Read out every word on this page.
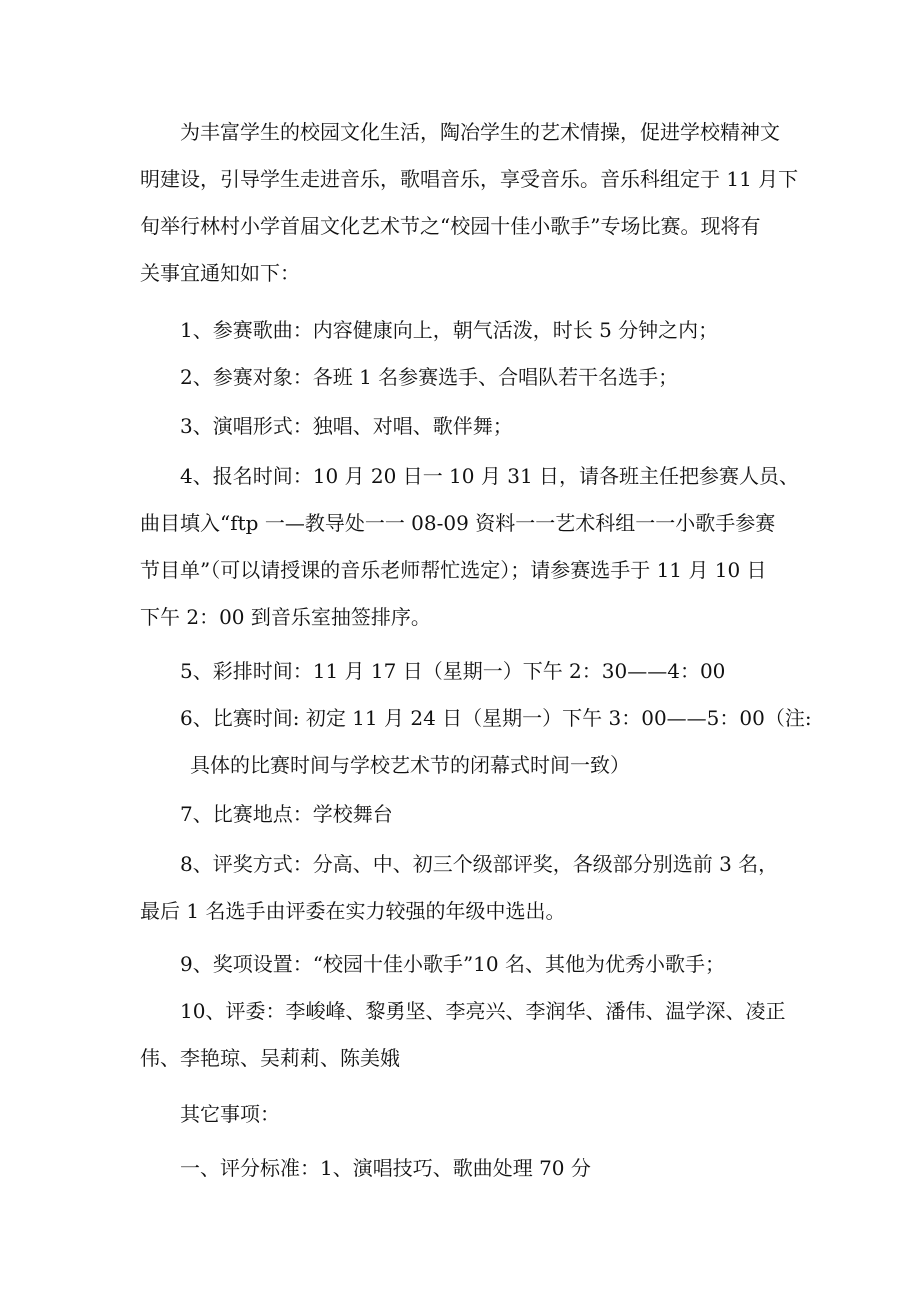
为丰富学生的校园文化生活，陶冶学生的艺术情操，促进学校精神文
明建设，引导学生走进音乐，歌唱音乐，享受音乐。音乐科组定于 11 月下
旬举行林村小学首届文化艺术节之“校园十佳小歌手”专场比赛。现将有
关事宜通知如下：
1、参赛歌曲：内容健康向上，朝气活泼，时长 5 分钟之内；
2、参赛对象：各班 1 名参赛选手、合唱队若干名选手；
3、演唱形式：独唱、对唱、歌伴舞；
4、报名时间：10 月 20 日一 10 月 31 日，请各班主任把参赛人员、
曲目填入“ftp 一—教导处一一 08-09 资料一一艺术科组一一小歌手参赛
节目单”（可以请授课的音乐老师帮忙选定）；请参赛选手于 11 月 10 日
下午 2：00 到音乐室抽签排序。
5、彩排时间：11 月 17 日（星期一）下午 2：30——4：00
6、比赛时间: 初定 11 月 24 日（星期一）下午 3：00——5：00（注:
具体的比赛时间与学校艺术节的闭幕式时间一致）
7、比赛地点：学校舞台
8、评奖方式：分高、中、初三个级部评奖，各级部分别选前 3 名，
最后 1 名选手由评委在实力较强的年级中选出。
9、奖项设置：“校园十佳小歌手”10 名、其他为优秀小歌手；
10、评委：李峻峰、黎勇坚、李亮兴、李润华、潘伟、温学深、凌正
伟、李艳琼、吴莉莉、陈美娥
其它事项：
一、评分标准：1、演唱技巧、歌曲处理 70 分
